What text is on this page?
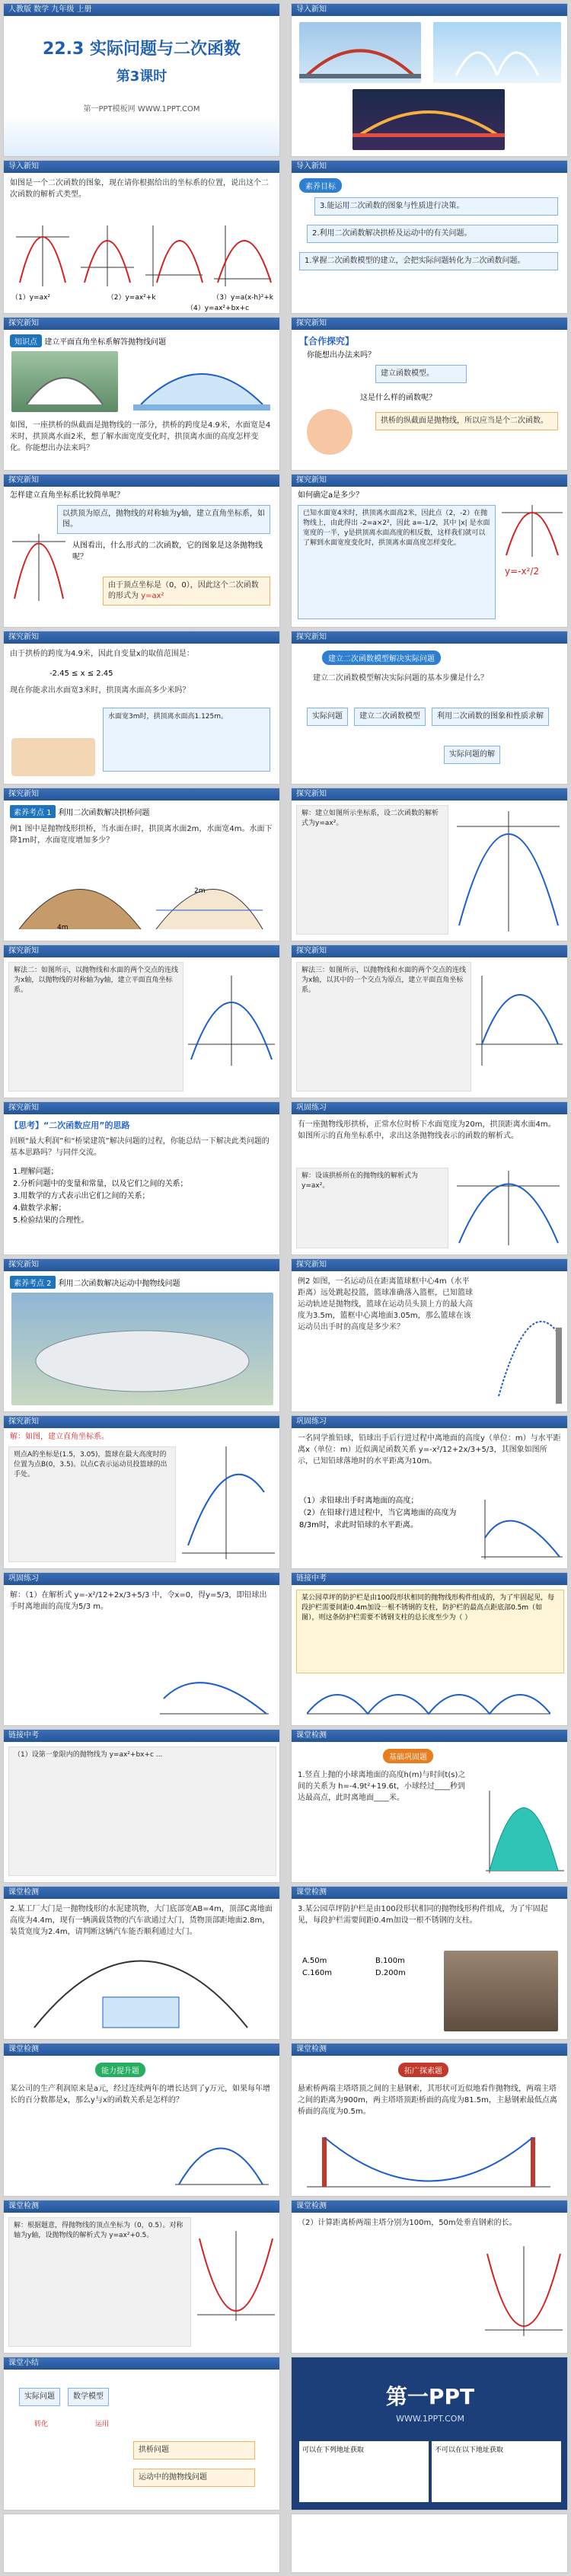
人教版 数学 九年级 上册
22.3 实际问题与二次函数
第3课时
第一PPT模板网 WWW.1PPT.COM
导入新知
导入新知
如图是一个二次函数的图象，现在请你根据给出的坐标系的位置，说出这个二次函数的解析式类型。
（1）y=ax²	（2）y=ax²+k	（3）y=a(x-h)²+k
（4）y=ax²+bx+c
导入新知
素养目标
3.能运用二次函数的图象与性质进行决策。
2.利用二次函数解决拱桥及运动中的有关问题。
1.掌握二次函数模型的建立，会把实际问题转化为二次函数问题。
探究新知
知识点 建立平面直角坐标系解答抛物线问题
如图，一座拱桥的纵截面是抛物线的一部分，拱桥的跨度是4.9米，水面宽是4米时，拱顶离水面2米，想了解水面宽度变化时，拱顶离水面的高度怎样变化。你能想出办法来吗？
探究新知
【合作探究】
你能想出办法来吗？
建立函数模型。
这是什么样的函数呢？
拱桥的纵截面是抛物线，所以应当是个二次函数。
探究新知
怎样建立直角坐标系比较简单呢？
以拱顶为原点，抛物线的对称轴为y轴，建立直角坐标系，如图。
从图看出，什么形式的二次函数，它的图象是这条抛物线呢？
由于顶点坐标是（0，0），因此这个二次函数的形式为 y=ax²
探究新知
如何确定a是多少？
已知水面宽4米时，拱顶离水面高2米，因此点（2，-2）在抛物线上，由此得出 -2=a×2²，因此 a=-1/2，其中 |x| 是水面宽度的一半，y是拱顶离水面高度的相反数，这样我们就可以了解到水面宽度变化时，拱顶离水面高度怎样变化。
y=-x²/2
探究新知
由于拱桥的跨度为4.9米，因此自变量x的取值范围是：
-2.45 ≤ x ≤ 2.45
现在你能求出水面宽3米时，拱顶离水面高多少米吗？
水面宽3m时，拱顶离水面高1.125m。
探究新知
建立二次函数模型解决实际问题
建立二次函数模型解决实际问题的基本步骤是什么？
实际问题	建立二次函数模型	利用二次函数的图象和性质求解
实际问题的解
探究新知
素养考点 1 利用二次函数解决拱桥问题
例1 图中是抛物线形拱桥，当水面在l时，拱顶离水面2m，水面宽4m。水面下降1m时，水面宽度增加多少？
4m
2m
探究新知
解：建立如图所示坐标系，设二次函数的解析式为y=ax²。
探究新知
解法二：如图所示，以抛物线和水面的两个交点的连线为x轴，以抛物线的对称轴为y轴，建立平面直角坐标系。
探究新知
解法三：如图所示，以抛物线和水面的两个交点的连线为x轴，以其中的一个交点为原点，建立平面直角坐标系。
探究新知
【思考】“二次函数应用”的思路
回顾“最大利润”和“桥梁建筑”解决问题的过程，你能总结一下解决此类问题的基本思路吗？与同伴交流。
1.理解问题；
2.分析问题中的变量和常量，以及它们之间的关系；
3.用数学的方式表示出它们之间的关系；
4.做数学求解；
5.检验结果的合理性。
巩固练习
有一座抛物线形拱桥，正常水位时桥下水面宽度为20m，拱顶距离水面4m。如图所示的直角坐标系中，求出这条抛物线表示的函数的解析式。
解：设该拱桥所在的抛物线的解析式为y=ax²。
探究新知
素养考点 2 利用二次函数解决运动中抛物线问题
探究新知
例2 如图，一名运动员在距离篮球框中心4m（水平距离）远处跳起投篮，篮球准确落入篮框，已知篮球运动轨迹是抛物线，篮球在运动员头顶上方的最大高度为3.5m，篮框中心离地面3.05m，那么篮球在该运动员出手时的高度是多少米？
探究新知
解：如图，建立直角坐标系。
则点A的坐标是(1.5，3.05)，篮球在最大高度时的位置为点B(0，3.5)。以点C表示运动员投篮球的出手处。
巩固练习
一名同学推铅球，铅球出手后行进过程中离地面的高度y（单位：m）与水平距离x（单位：m）近似满足函数关系 y=-x²/12+2x/3+5/3，其图象如图所示，已知铅球落地时的水平距离为10m。
（1）求铅球出手时离地面的高度；
（2）在铅球行进过程中，当它离地面的高度为8/3m时，求此时铅球的水平距离。
巩固练习
解：（1）在解析式 y=-x²/12+2x/3+5/3 中，令x=0，得y=5/3，即铅球出手时离地面的高度为5/3 m。
链接中考
某公园草坪的防护栏是由100段形状相同的抛物线形构件组成的，为了牢固起见，每段护栏需要间距0.4m加设一根不锈钢的支柱，防护栏的最高点距底部0.5m（如图），则这条防护栏需要不锈钢支柱的总长度至少为（ ）
链接中考
（1）设第一象限内的抛物线为 y=ax²+bx+c ...
课堂检测
基础巩固题
1.竖直上抛的小球离地面的高度h(m)与时间t(s)之间的关系为 h=-4.9t²+19.6t，小球经过____秒到达最高点，此时离地面____米。
课堂检测
2.某工厂大门是一抛物线形的水泥建筑物，大门底部宽AB=4m，顶部C离地面高度为4.4m，现有一辆满载货物的汽车欲通过大门，货物顶部距地面2.8m，装货宽度为2.4m，请判断这辆汽车能否顺利通过大门。
课堂检测
3.某公园草坪防护栏是由100段形状相同的抛物线形构件组成，为了牢固起见，每段护栏需要间距0.4m加设一根不锈钢的支柱。
A.50m
C.160m
B.100m
D.200m
课堂检测
能力提升题
某公司的生产利润原来是a元，经过连续两年的增长达到了y万元，如果每年增长的百分数都是x，那么y与x的函数关系是怎样的？
课堂检测
拓广探索题
悬索桥两端主塔塔顶之间的主悬钢索，其形状可近似地看作抛物线，两端主塔之间的距离为900m，两主塔塔顶距桥面的高度为81.5m，主悬钢索最低点离桥面的高度为0.5m。
课堂检测
解：根据题意，得抛物线的顶点坐标为（0，0.5）。对称轴为y轴，设抛物线的解析式为 y=ax²+0.5。
课堂检测
（2）计算距离桥两端主塔分别为100m，50m处垂直钢索的长。
课堂小结
实际问题	数学模型
转化	运用
拱桥问题
运动中的抛物线问题
第一PPT
WWW.1PPT.COM
可以在下列地址获取	不可以在以下地址获取
